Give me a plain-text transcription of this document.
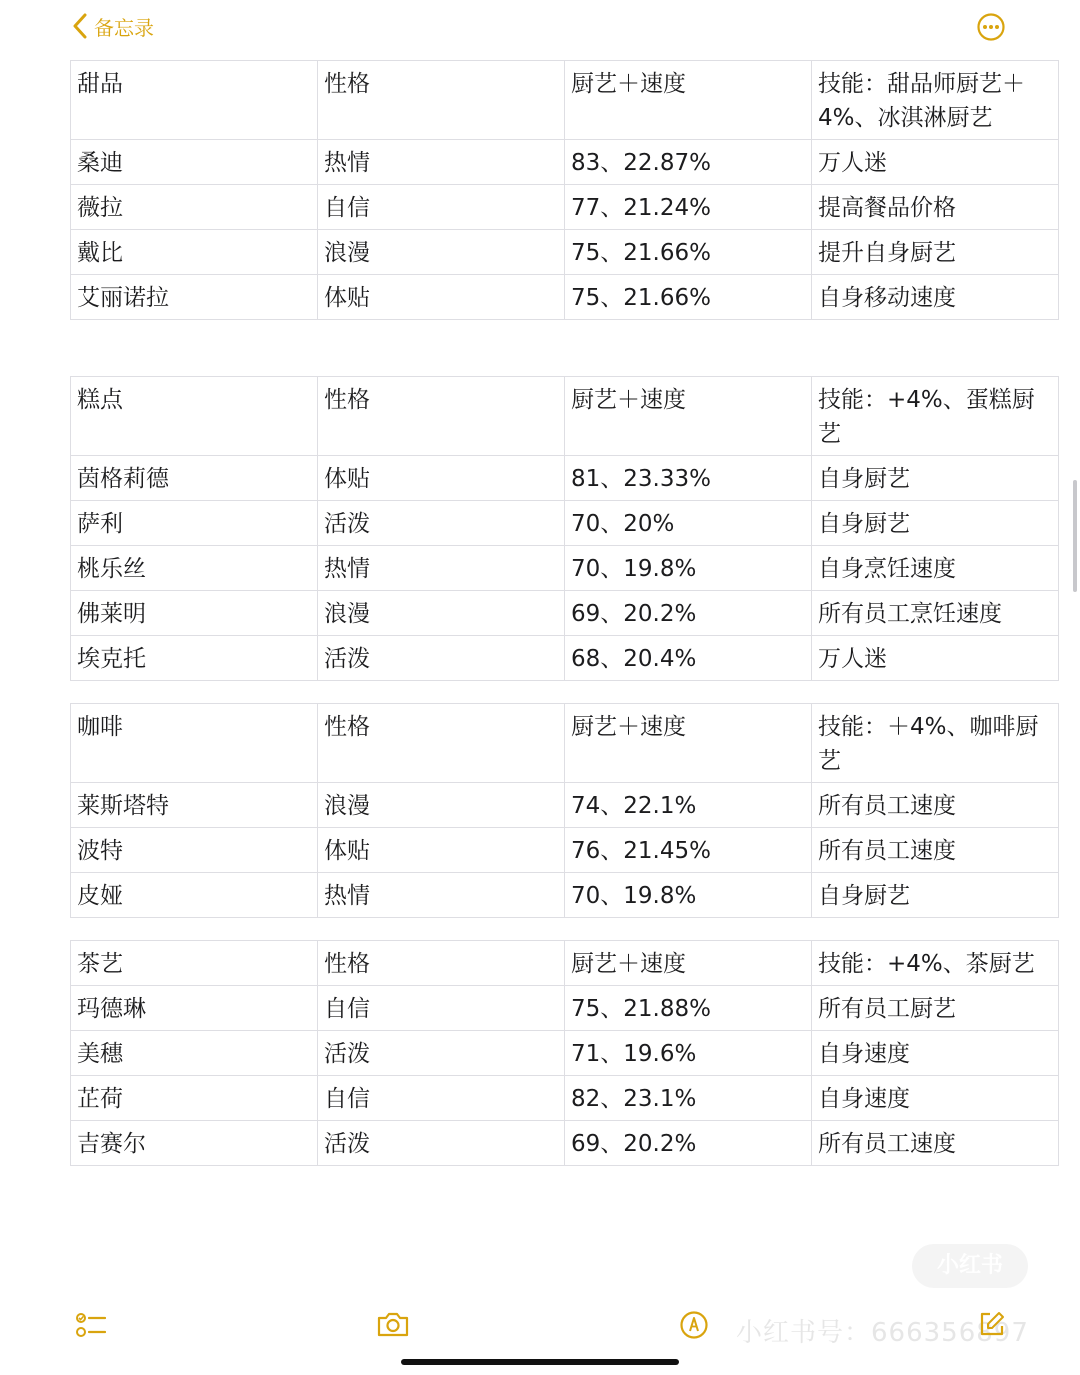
备忘录
甜品	性格	厨艺＋速度	技能：甜品师厨艺＋4%、冰淇淋厨艺
桑迪	热情	83、22.87%	万人迷
薇拉	自信	77、21.24%	提高餐品价格
戴比	浪漫	75、21.66%	提升自身厨艺
艾丽诺拉	体贴	75、21.66%	自身移动速度
糕点	性格	厨艺＋速度	技能：+4%、蛋糕厨艺
茵格莉德	体贴	81、23.33%	自身厨艺
萨利	活泼	70、20%	自身厨艺
桃乐丝	热情	70、19.8%	自身烹饪速度
佛莱明	浪漫	69、20.2%	所有员工烹饪速度
埃克托	活泼	68、20.4%	万人迷
咖啡	性格	厨艺＋速度	技能：＋4%、咖啡厨艺
莱斯塔特	浪漫	74、22.1%	所有员工速度
波特	体贴	76、21.45%	所有员工速度
皮娅	热情	70、19.8%	自身厨艺
茶艺	性格	厨艺＋速度	技能：+4%、茶厨艺
玛德琳	自信	75、21.88%	所有员工厨艺
美穗	活泼	71、19.6%	自身速度
芷荷	自信	82、23.1%	自身速度
吉赛尔	活泼	69、20.2%	所有员工速度
小红书
小红书号：666356897
